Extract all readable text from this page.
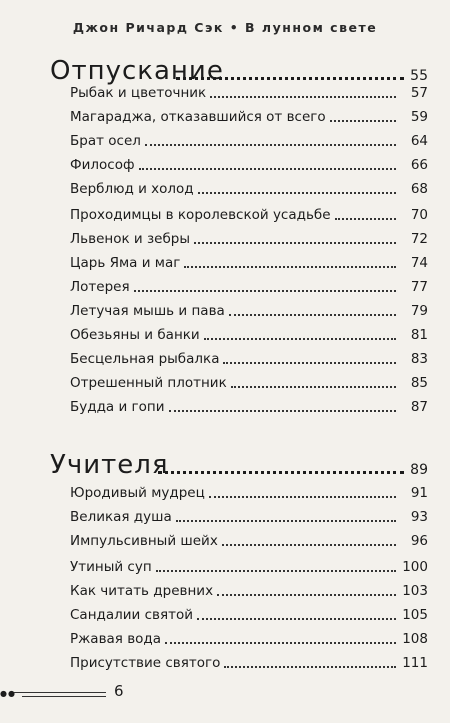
Джон Ричард Сэк • В лунном свете
Отпускание	55
Рыбак и цветочник	57
Магараджа, отказавшийся от всего	59
Брат осел	64
Философ	66
Верблюд и холод	68
Проходимцы в королевской усадьбе	70
Львенок и зебры	72
Царь Яма и маг	74
Лотерея	77
Летучая мышь и пава	79
Обезьяны и банки	81
Бесцельная рыбалка	83
Отрешенный плотник	85
Будда и гопи	87
Учителя	89
Юродивый мудрец	91
Великая душа	93
Импульсивный шейх	96
Утиный суп	100
Как читать древних	103
Сандалии святой	105
Ржавая вода	108
Присутствие святого	111
●●	6
